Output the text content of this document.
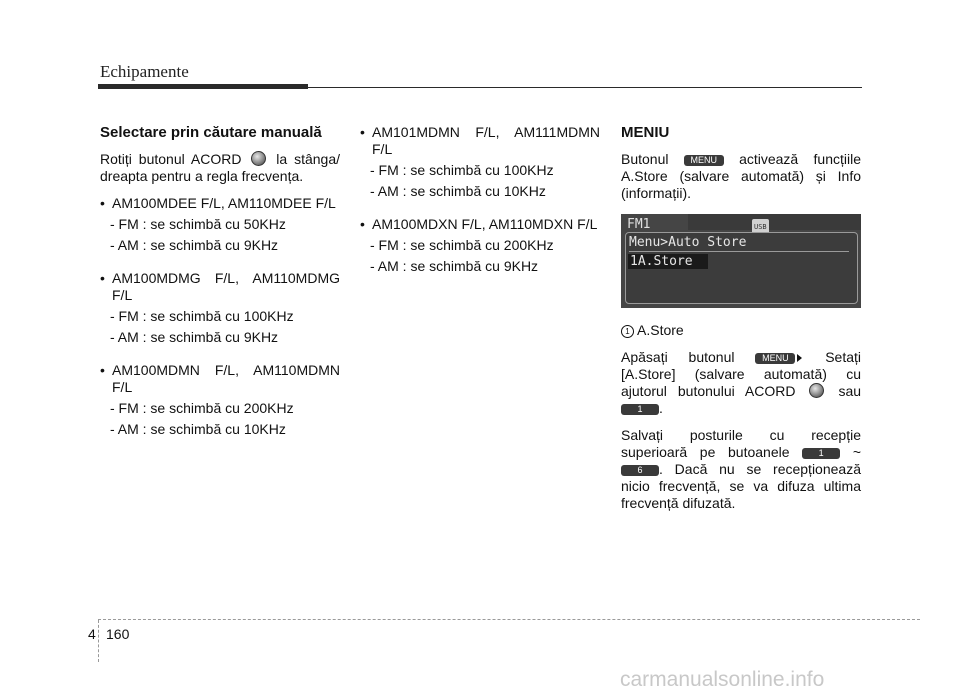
Echipamente
Selectare prin căutare manuală

Rotiți butonul ACORD la stânga/ dreapta pentru a regla frecvența.

• AM100MDEE F/L, AM110MDEE F/L
- FM : se schimbă cu 50KHz
- AM : se schimbă cu 9KHz
• AM100MDMG F/L, AM110MDMG F/L
- FM : se schimbă cu 100KHz
- AM : se schimbă cu 9KHz
• AM100MDMN F/L, AM110MDMN F/L
- FM : se schimbă cu 200KHz
- AM : se schimbă cu 10KHz
• AM101MDMN F/L, AM111MDMN F/L
- FM : se schimbă cu 100KHz
- AM : se schimbă cu 10KHz
• AM100MDXN F/L, AM110MDXN F/L
- FM : se schimbă cu 200KHz
- AM : se schimbă cu 9KHz
MENIU

Butonul MENU activează funcțiile A.Store (salvare automată) și Info (informații).

FM1	USB
Menu>Auto Store
1A.Store

1 A.Store

Apăsați butonul	MENU	Setați [A.Store] (salvare automată) cu ajutorul butonului ACORD	sau 1 .

Salvați posturile cu recepție superioară pe butoanele	1 ~ 6 . Dacă nu se recepționează nicio frecvență, se va difuza ultima frecvență difuzată.

4 160
carmanualsonline.info
